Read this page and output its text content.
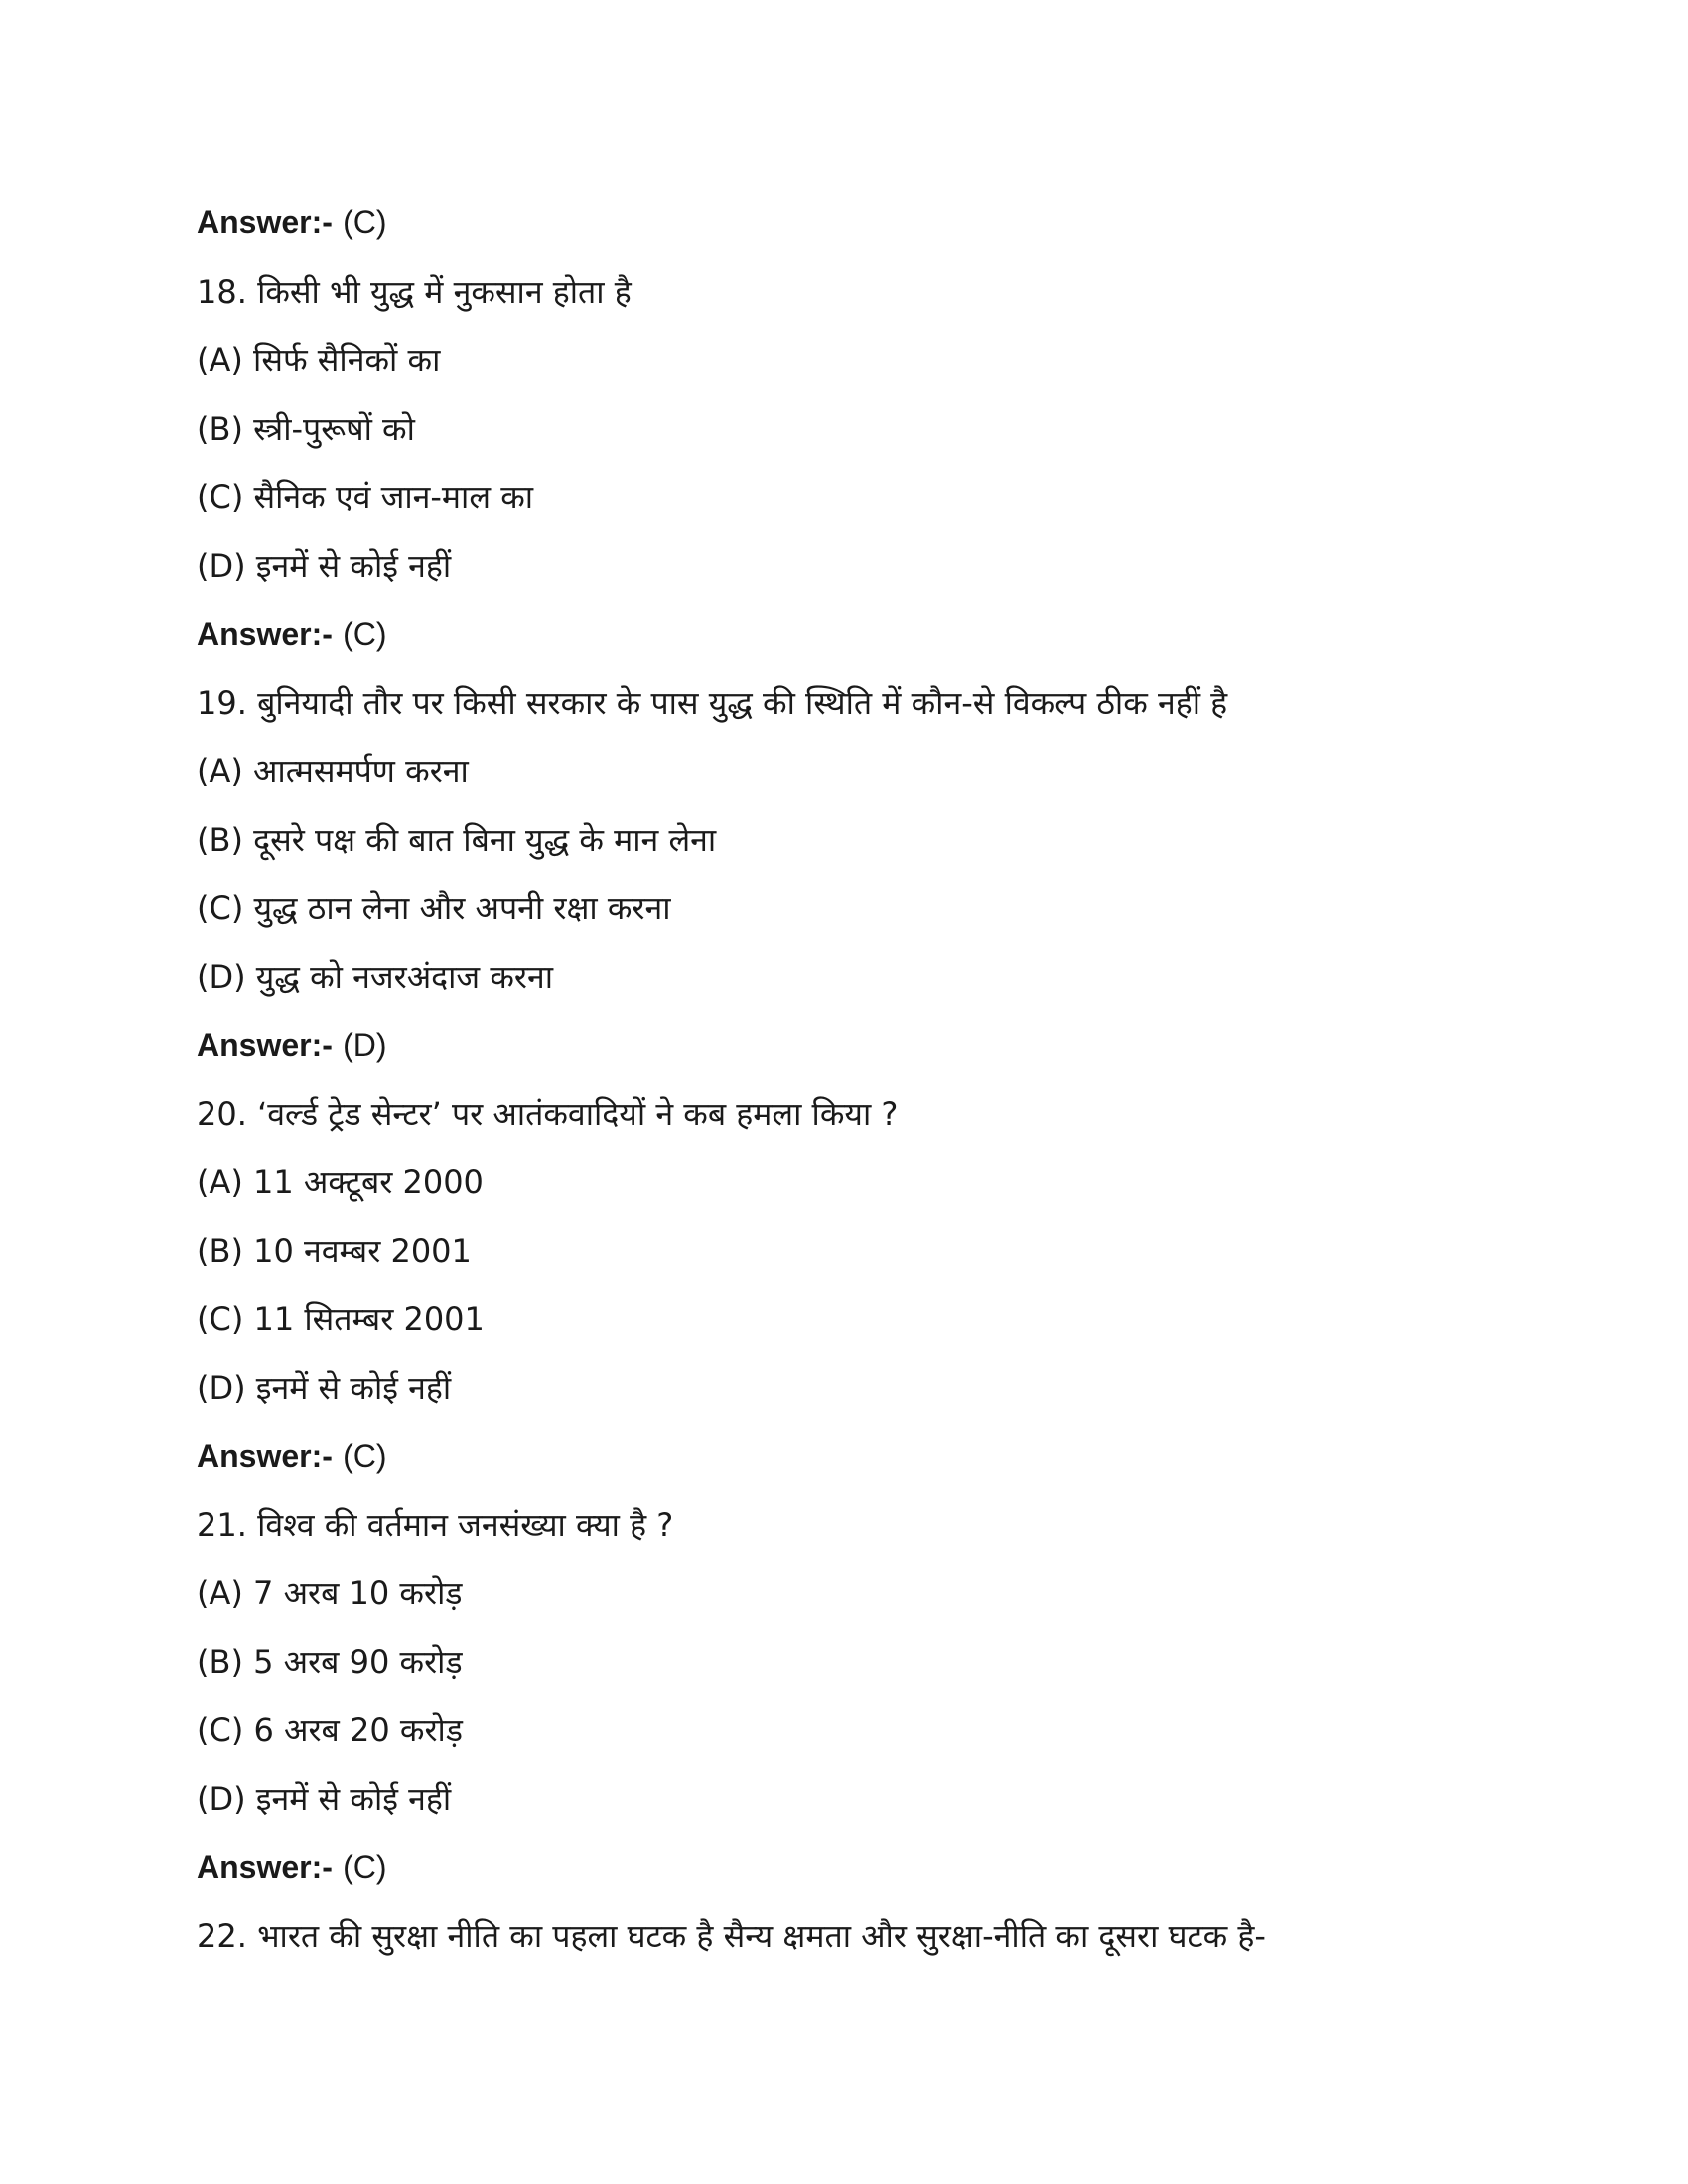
Answer:- (C)
18. किसी भी युद्ध में नुकसान होता है
(A) सिर्फ सैनिकों का
(B) स्त्री-पुरूषों को
(C) सैनिक एवं जान-माल का
(D) इनमें से कोई नहीं
Answer:- (C)
19. बुनियादी तौर पर किसी सरकार के पास युद्ध की स्थिति में कौन-से विकल्प ठीक नहीं है
(A) आत्मसमर्पण करना
(B) दूसरे पक्ष की बात बिना युद्ध के मान लेना
(C) युद्ध ठान लेना और अपनी रक्षा करना
(D) युद्ध को नजरअंदाज करना
Answer:- (D)
20. ‘वर्ल्ड ट्रेड सेन्टर’ पर आतंकवादियों ने कब हमला किया ?
(A) 11 अक्टूबर 2000
(B) 10 नवम्बर 2001
(C) 11 सितम्बर 2001
(D) इनमें से कोई नहीं
Answer:- (C)
21. विश्व की वर्तमान जनसंख्या क्या है ?
(A) 7 अरब 10 करोड़
(B) 5 अरब 90 करोड़
(C) 6 अरब 20 करोड़
(D) इनमें से कोई नहीं
Answer:- (C)
22. भारत की सुरक्षा नीति का पहला घटक है सैन्य क्षमता और सुरक्षा-नीति का दूसरा घटक है-
